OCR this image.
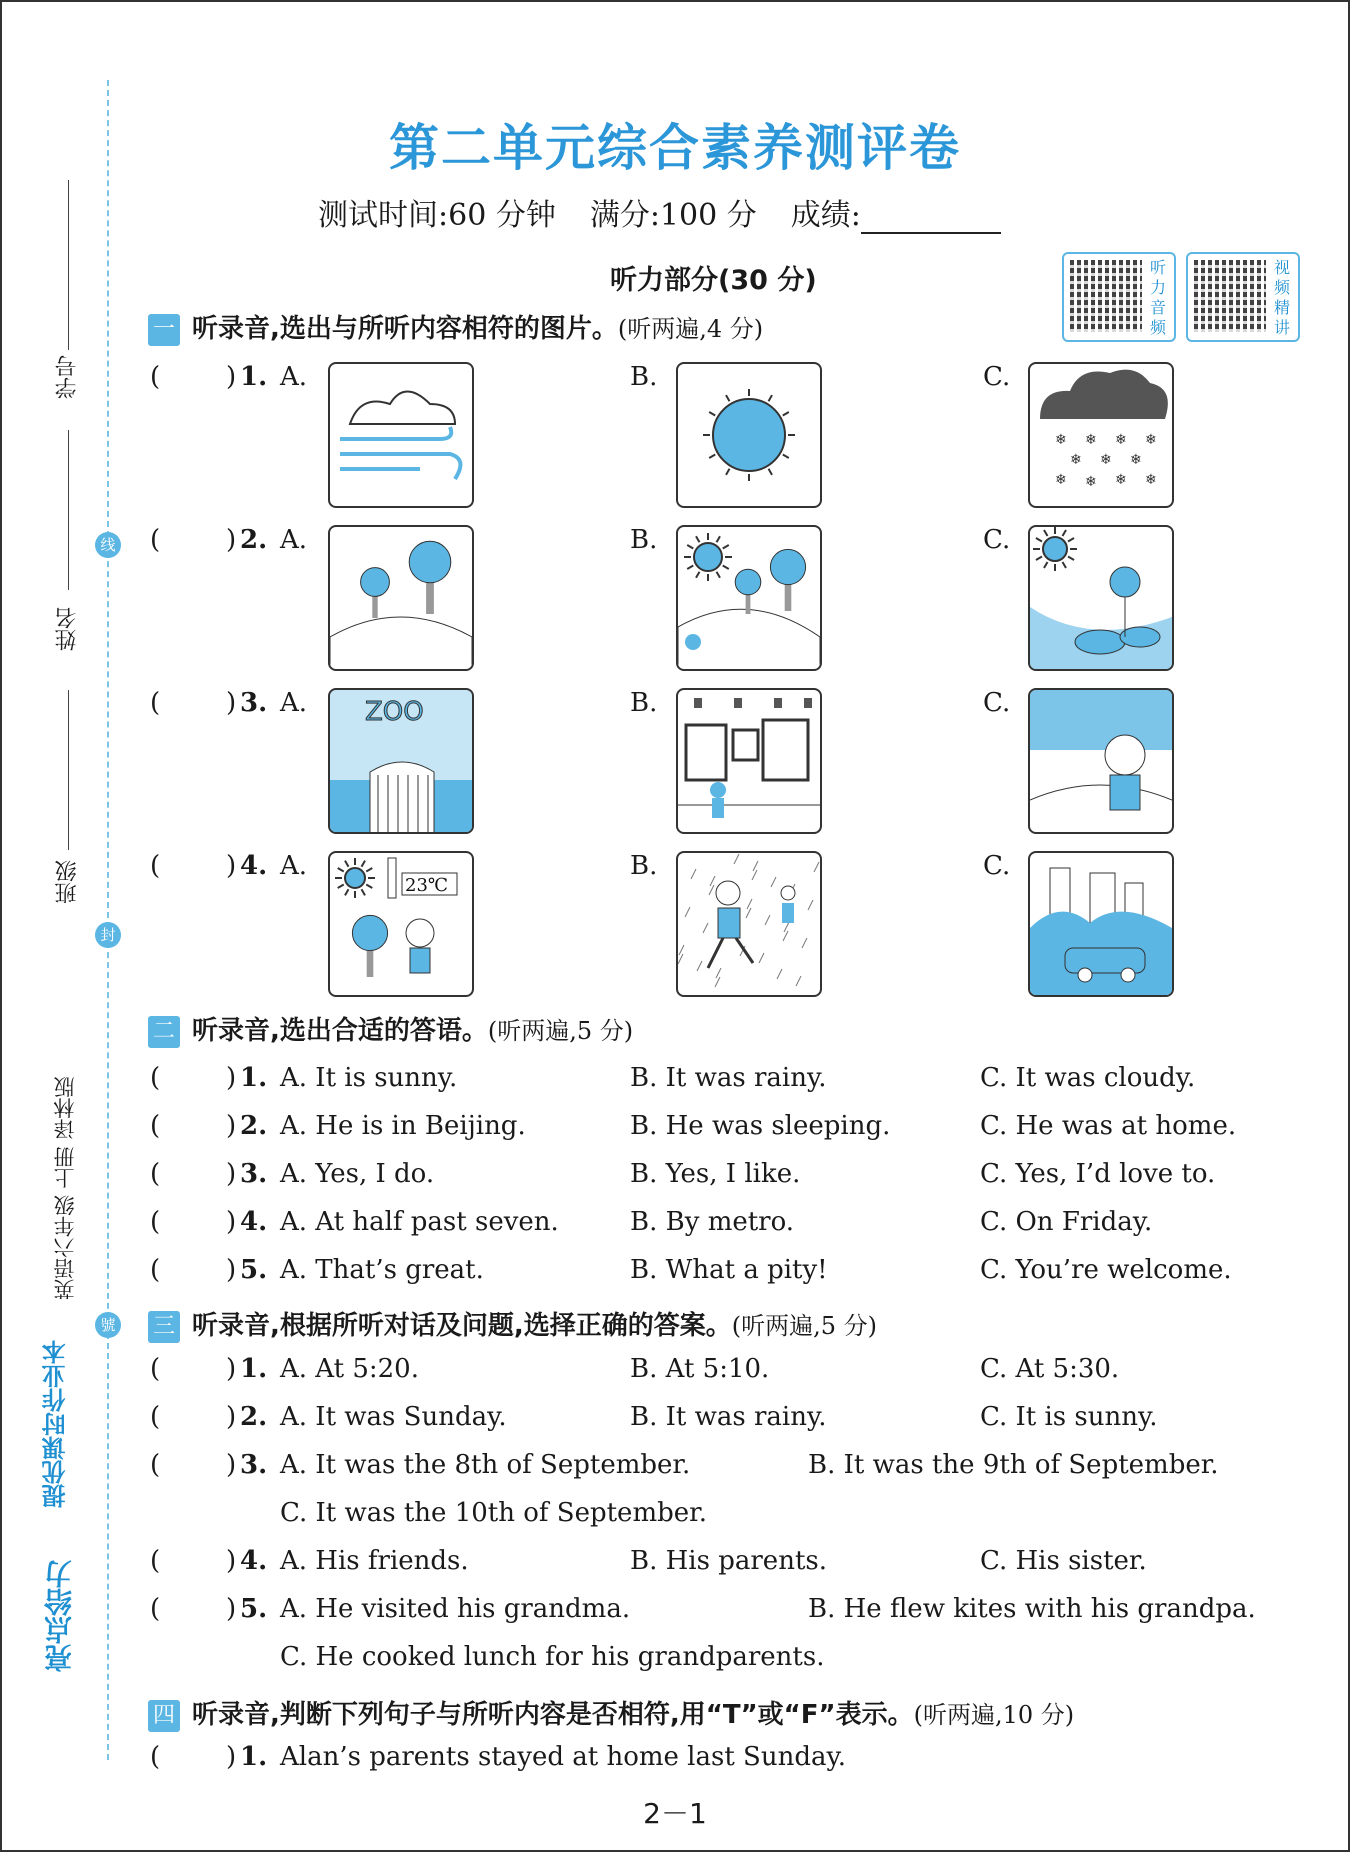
学号
姓名
班级
英语六年级 上册 译林版
线
封
號
提优课时作业本
亮点给力
第二单元综合素养测评卷
测试时间:60 分钟 满分:100 分 成绩:
听力部分(30 分)	听力音频
视频精讲
一 听录音,选出与所听内容相符的图片。(听两遍,4 分)
(	) 1. A.	B.	C.
(	) 2. A.	B.	C.
(	) 3. A.	B.	C.
(	) 4. A.	B.	C.
二 听录音,选出合适的答语。(听两遍,5 分)
(	) 1. A. It is sunny.	B. It was rainy.	C. It was cloudy.
(	) 2. A. He is in Beijing.	B. He was sleeping.	C. He was at home.
(	) 3. A. Yes, I do.	B. Yes, I like.	C. Yes, I’d love to.
(	) 4. A. At half past seven.	B. By metro.	C. On Friday.
(	) 5. A. That’s great.	B. What a pity!	C. You’re welcome.
三 听录音,根据所听对话及问题,选择正确的答案。(听两遍,5 分)
(	) 1. A. At 5:20.	B. At 5:10.	C. At 5:30.
(	) 2. A. It was Sunday.	B. It was rainy.	C. It is sunny.
(	) 3. A. It was the 8th of September.	B. It was the 9th of September.
C. It was the 10th of September.
(	) 4. A. His friends.	B. His parents.	C. His sister.
(	) 5. A. He visited his grandma.	B. He flew kites with his grandpa.
C. He cooked lunch for his grandparents.
四 听录音,判断下列句子与所听内容是否相符,用“T”或“F”表示。(听两遍,10 分)
(	) 1. Alan’s parents stayed at home last Sunday.
2－1
❄ ❄ ❄ ❄
❄ ❄ ❄
❄ ❄ ❄ ❄
ZOO
23℃
